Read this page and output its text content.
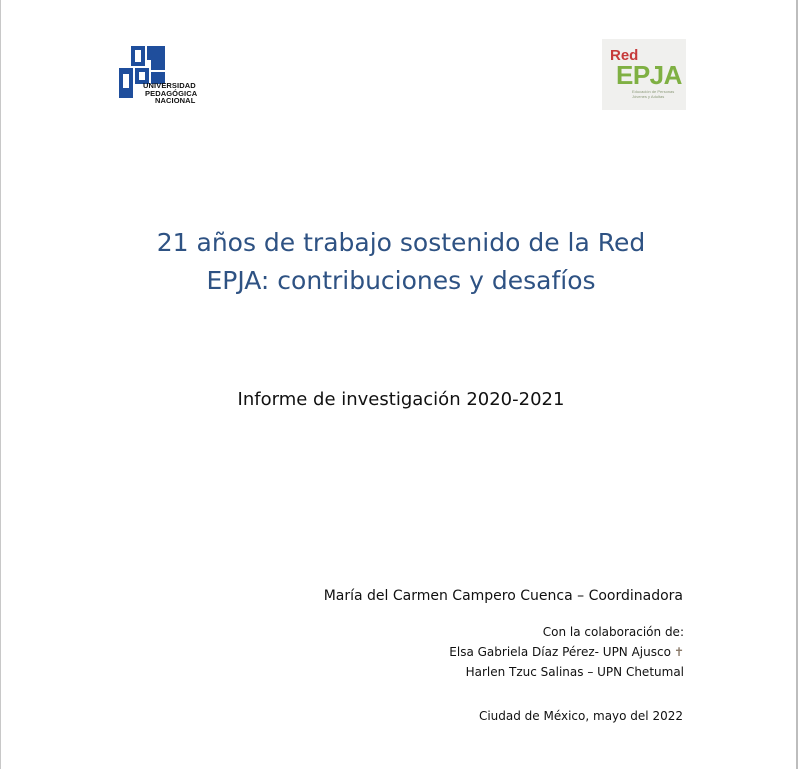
UNIVERSIDAD
PEDAGÓGICA
NACIONAL
Red
EPJA
Educación de Personas Jóvenes y Adultas
21 años de trabajo sostenido de la Red
EPJA: contribuciones y desafíos
Informe de investigación 2020-2021
María del Carmen Campero Cuenca – Coordinadora
Con la colaboración de:
Elsa Gabriela Díaz Pérez- UPN Ajusco ✝
Harlen Tzuc Salinas – UPN Chetumal
Ciudad de México, mayo del 2022
